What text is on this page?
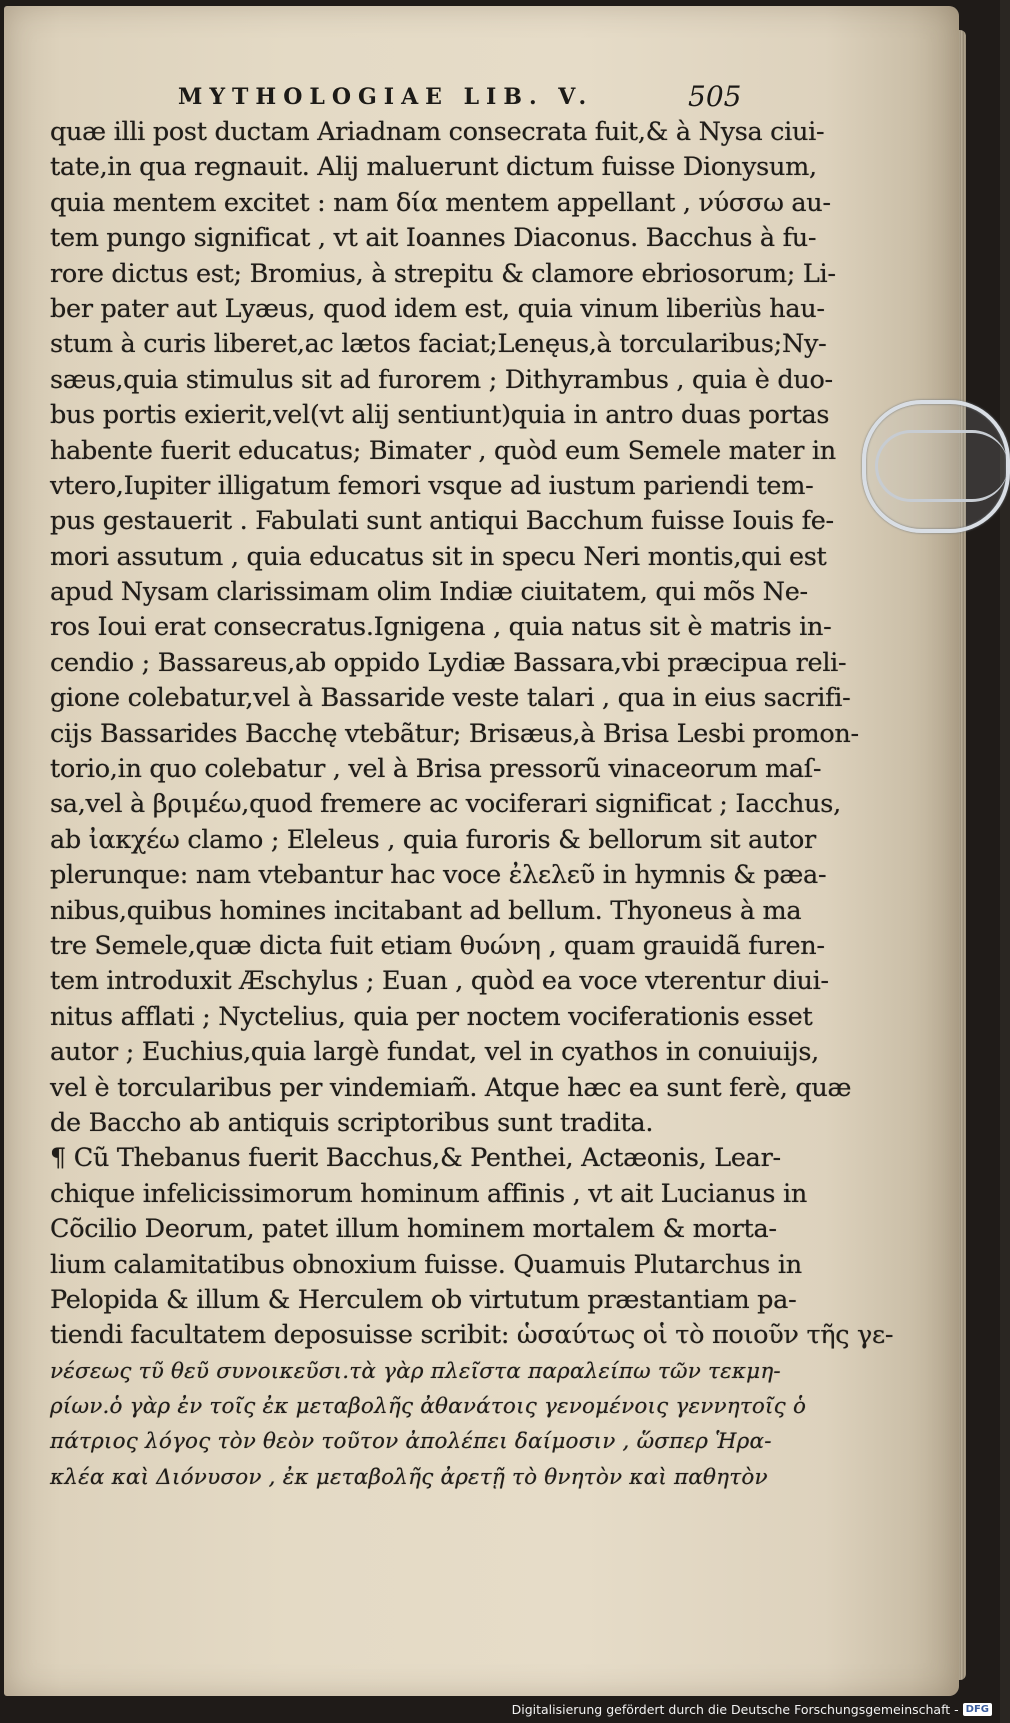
MYTHOLOGIAE LIB. V.	505
quæ illi post ductam Ariadnam consecrata fuit,& à Nysa ciui-
tate,in qua regnauit. Alij maluerunt dictum fuisse Dionysum,
quia mentem excitet : nam δία mentem appellant , νύσσω au-
tem pungo significat , vt ait Ioannes Diaconus. Bacchus à fu-
rore dictus est; Bromius, à strepitu & clamore ebriosorum; Li-
ber pater aut Lyæus, quod idem est, quia vinum liberiùs hau-
stum à curis liberet,ac lætos faciat;Lenęus,à torcularibus;Ny-
sæus,quia stimulus sit ad furorem ; Dithyrambus , quia è duo-
bus portis exierit,vel(vt alij sentiunt)quia in antro duas portas
habente fuerit educatus; Bimater , quòd eum Semele mater in
vtero,Iupiter illigatum femori vsque ad iustum pariendi tem-
pus gestauerit . Fabulati sunt antiqui Bacchum fuisse Iouis fe-
mori assutum , quia educatus sit in specu Neri montis,qui est
apud Nysam clarissimam olim Indiæ ciuitatem, qui mõs Ne-
ros Ioui erat consecratus.Ignigena , quia natus sit è matris in-
cendio ; Bassareus,ab oppido Lydiæ Bassara,vbi præcipua reli-
gione colebatur,vel à Bassaride veste talari , qua in eius sacrifi-
cijs Bassarides Bacchę vtebãtur; Brisæus,à Brisa Lesbi promon-
torio,in quo colebatur , vel à Brisa pressorũ vinaceorum maſ-
sa,vel à βριμέω,quod fremere ac vociferari significat ; Iacchus,
ab ἰακχέω clamo ; Eleleus , quia furoris & bellorum sit autor
plerunque: nam vtebantur hac voce ἐλελεῦ in hymnis & pæa-
nibus,quibus homines incitabant ad bellum. Thyoneus à ma
tre Semele,quæ dicta fuit etiam θυώνη , quam grauidã furen-
tem introduxit Æschylus ; Euan , quòd ea voce vterentur diui-
nitus afflati ; Nyctelius, quia per noctem vociferationis esset
autor ; Euchius,quia largè fundat, vel in cyathos in conuiuijs,
vel è torcularibus per vindemiam̃. Atque hæc ea sunt ferè, quæ
de Baccho ab antiquis scriptoribus sunt tradita.
¶ Cũ Thebanus fuerit Bacchus,& Penthei, Actæonis, Lear-
chique infelicissimorum hominum affinis , vt ait Lucianus in
Cõcilio Deorum, patet illum hominem mortalem & morta-
lium calamitatibus obnoxium fuisse. Quamuis Plutarchus in
Pelopida & illum & Herculem ob virtutum præstantiam pa-
tiendi facultatem deposuisse scribit: ὡσαύτως οἱ τὸ ποιοῦν τῆς γε-
νέσεως τῦ θεῦ συνοικεῦσι.τὰ γὰρ πλεῖστα παραλείπω τῶν τεκμη-
ρίων.ὁ γὰρ ἐν τοῖς ἐκ μεταβολῆς ἀθανάτοις γενομένοις γεννητοῖς ὁ
πάτριος λόγος τὸν θεὸν τοῦτον ἀπολέπει δαίμοσιν , ὥσπερ Ἡρα-
κλέα καὶ Διόνυσον , ἐκ μεταβολῆς ἀρετῇ τὸ θνητὸν καὶ παθητὸν
Digitalisierung gefördert durch die Deutsche Forschungsgemeinschaft - DFG
